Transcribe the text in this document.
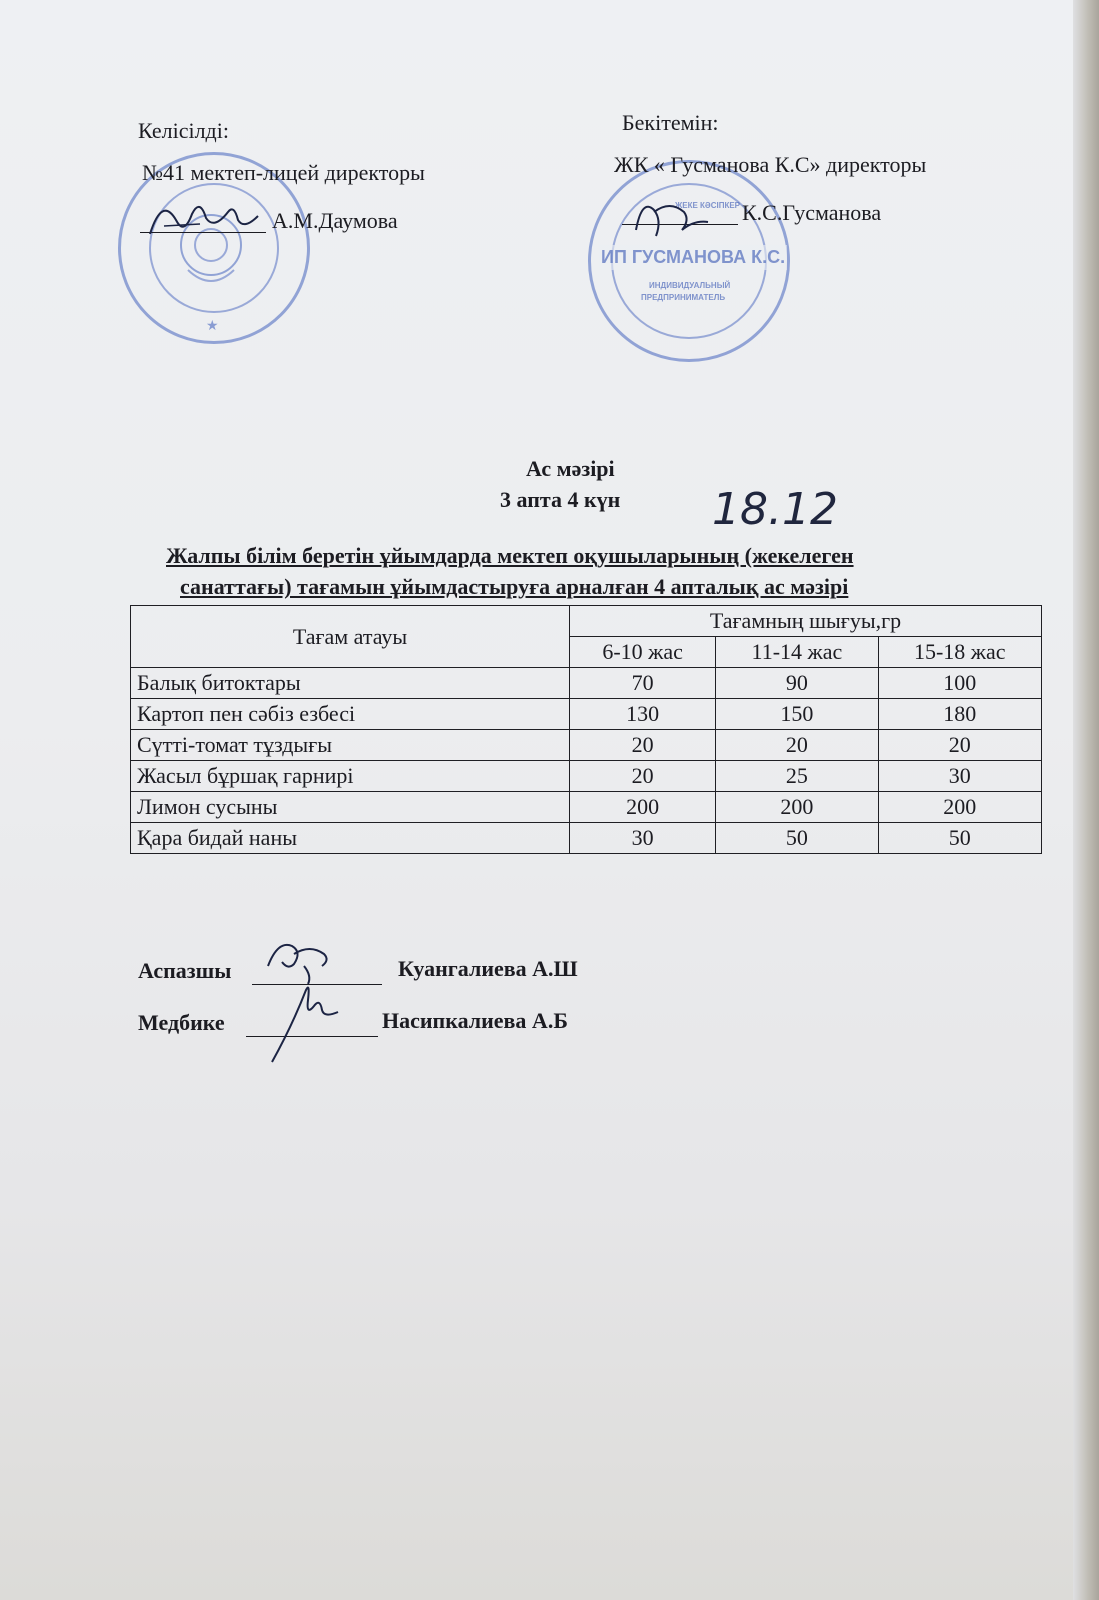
★
ЖЕКЕ КӘСІПКЕР
ИП ГУСМАНОВА К.С.
ИНДИВИДУАЛЬНЫЙ
ПРЕДПРИНИМАТЕЛЬ
Келісілді:
№41 мектеп-лицей директоры
А.М.Даумова
Бекітемін:
ЖК « Гусманова К.С» директоры
К.С.Гусманова
Ас мәзірі
3 апта 4 күн 18.12
Жалпы білім беретін ұйымдарда мектеп оқушыларының (жекелеген
санаттағы) тағамын ұйымдастыруға арналған 4 апталық ас мәзірі
Тағам атауы	Тағамның шығуы,гр		
	6-10 жас	11-14 жас	15-18 жас
Балық битоктары	70	90	100
Картоп пен сәбіз езбесі	130	150	180
Сүтті-томат тұздығы	20	20	20
Жасыл бұршақ гарнирі	20	25	30
Лимон сусыны	200	200	200
Қара бидай наны	30	50	50
Аспазшы	Куангалиева А.Ш
Медбике	Насипкалиева А.Б
